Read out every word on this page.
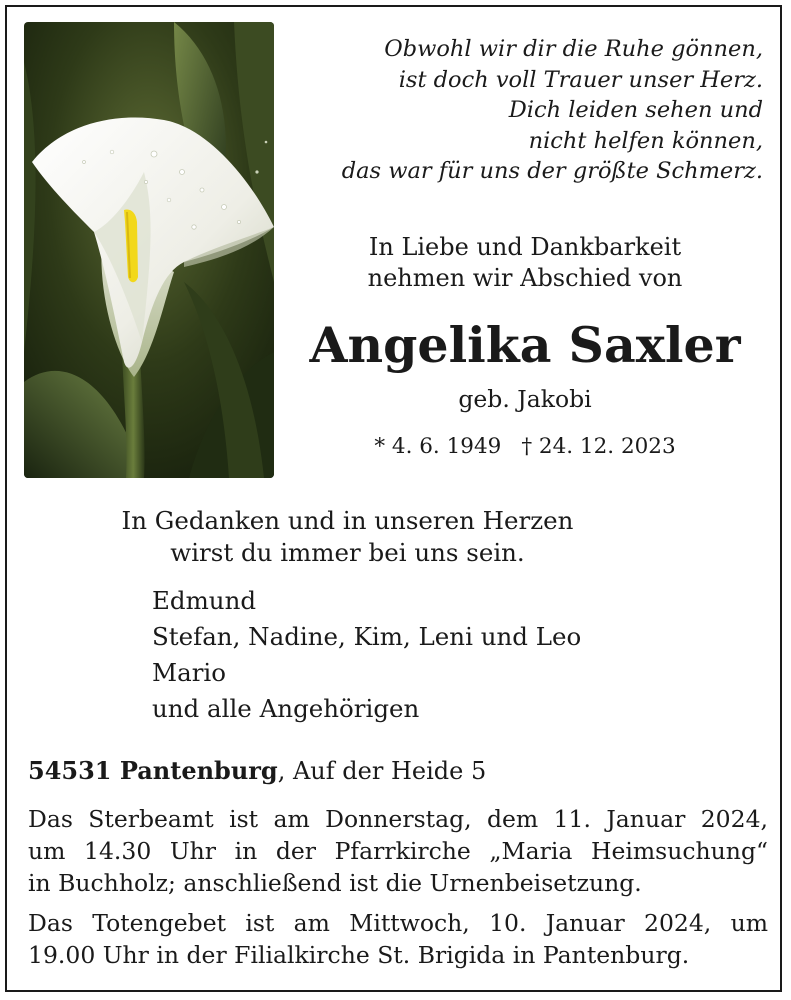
Obwohl wir dir die Ruhe gönnen,
ist doch voll Trauer unser Herz.
Dich leiden sehen und
nicht helfen können,
das war für uns der größte Schmerz.
In Liebe und Dankbarkeit
nehmen wir Abschied von
Angelika Saxler
geb. Jakobi
* 4. 6. 1949 † 24. 12. 2023
In Gedanken und in unseren Herzen
wirst du immer bei uns sein.
Edmund
Stefan, Nadine, Kim, Leni und Leo
Mario
und alle Angehörigen
54531 Pantenburg, Auf der Heide 5
Das Sterbeamt ist am Donnerstag, dem 11. Januar 2024,
um 14.30 Uhr in der Pfarrkirche „Maria Heimsuchung“
in Buchholz; anschließend ist die Urnenbeisetzung.
Das Totengebet ist am Mittwoch, 10. Januar 2024, um
19.00 Uhr in der Filialkirche St. Brigida in Pantenburg.
